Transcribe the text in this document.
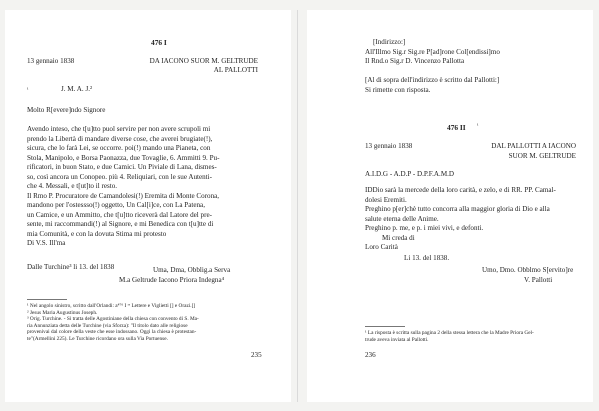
476 I
13 gennaio 1838	DA IACONO SUOR M. GELTRUDE
AL PALLOTTI
¹	J. M. A. J.²
Molto R[evere]ndo Signore
Avendo inteso, che t[u]tto puol servire per non avere scrupoli mi
prendo la Libertà di mandare diverse cose, che averei brugiate(!),
sicura, che lo farà Lei, se occorre. poi(!) mando una Pianeta, con
Stola, Manipolo, e Borsa Paonazza, due Tovaglie, 6. Ammitti 9. Pu-
rificatori, in buon Stato, e due Camici. Un Piviale di Lana, dismes-
so, così ancora un Conopeo. più 4. Reliquiari, con le sue Autenti-
che 4. Messali, e t[ut]to il resto.
Il Rmo P. Procuratore de Camandolesi(!) Eremita di Monte Corona,
mandono per l'ostessso(!) oggetto, Un Cal[i]ce, con La Patena,
un Camice, e un Ammitto, che t[u]tto riceverà dal Latore del pre-
sente, mi raccommandi(!) al Signore, e mi Benedica con t[u]tte di
mia Comunità, e con la dovuta Stima mi protesto
Di V.S. Ill'ma
Dalle Turchine³ li 13. del 1838	Uma, Dma, Obblig.a Serva
M.a Geltrude Iacono Priora Indegna⁴
¹ Nel angolo sinistro, scritto dall'Orlandi: a⁴⁷⁶ I ʳᵉ Lettere e Viglietti [] e Orazi.[]
² Jesus Maria Augustinus Joseph.
³ Orig. Turchine. - Si tratta delle Agostiniane della chiesa con convento di S. Ma-
ria Annunziata detta delle Turchine (via Sforza): "Il titolo dato alle religiose
provenivai dal colore della veste che esse indossano. Oggi la chiesa è protestan-
te"(Armellini 225). Le Turchine ricordano ora sulla Via Portuense.
235
[Indirizzo:]
All'Illmo Sig.r Sig.re P[ad]rone Col[endissi]mo
Il Rnd.o Sig.r D. Vincenzo Pallotta
[Al di sopra dell'indirizzo è scritto dal Pallotti:]
Si rimette con risposta.
476 II ¹
13 gennaio 1838	DAL PALLOTTI A IACONO
SUOR M. GELTRUDE
A.I.D.G - A.D.P - D.P.F.A.M.D
IDDio sarà la mercede della loro carità, e zelo, e di RR. PP. Camal-
dolesi Eremiti.
Preghino p[er]chè tutto concorra alla maggior gloria di Dio e alla
salute eterna delle Anime.
Preghino p. me, e p. i miei vivi, e defonti.
Mi creda di
Loro Carità
Li 13. del 1838.
Umo, Dmo. Obblmo S[ervito]re
V. Pallotti
¹ La risposta è scritta sulla pagina 2 della stessa lettera che la Madre Priora Gel-
trude aveva inviata al Pallotti.
236
